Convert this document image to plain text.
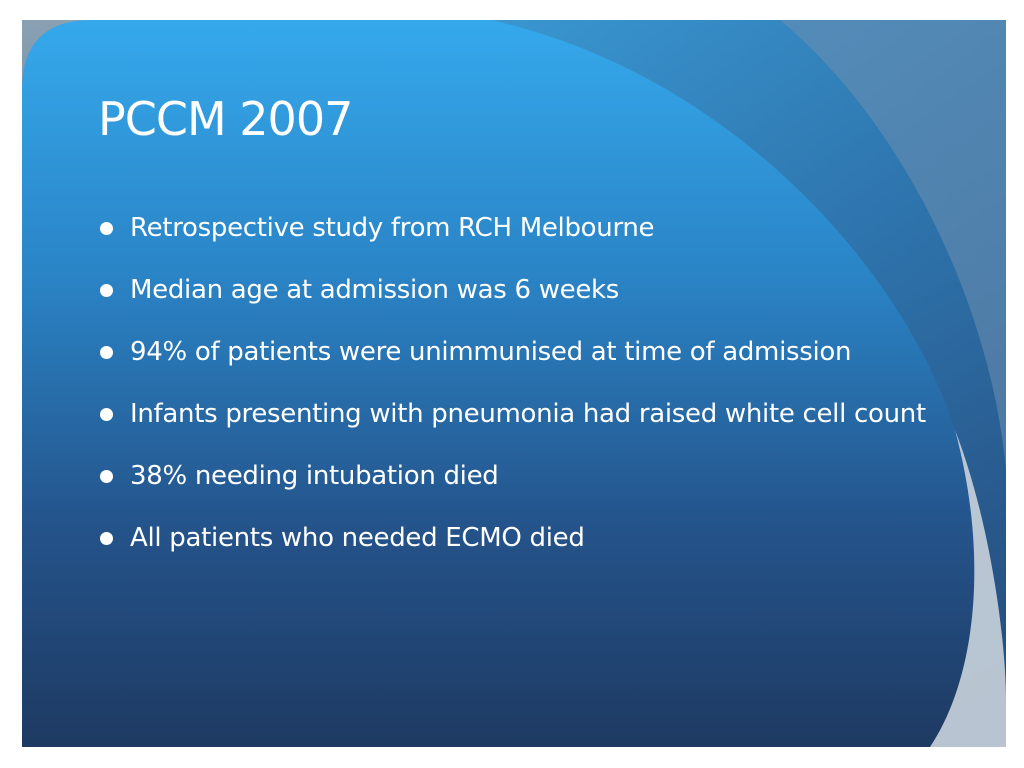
PCCM 2007
Retrospective study from RCH Melbourne
Median age at admission was 6 weeks
94% of patients were unimmunised at time of admission
Infants presenting with pneumonia had raised white cell count
38% needing intubation died
All patients who needed ECMO died
